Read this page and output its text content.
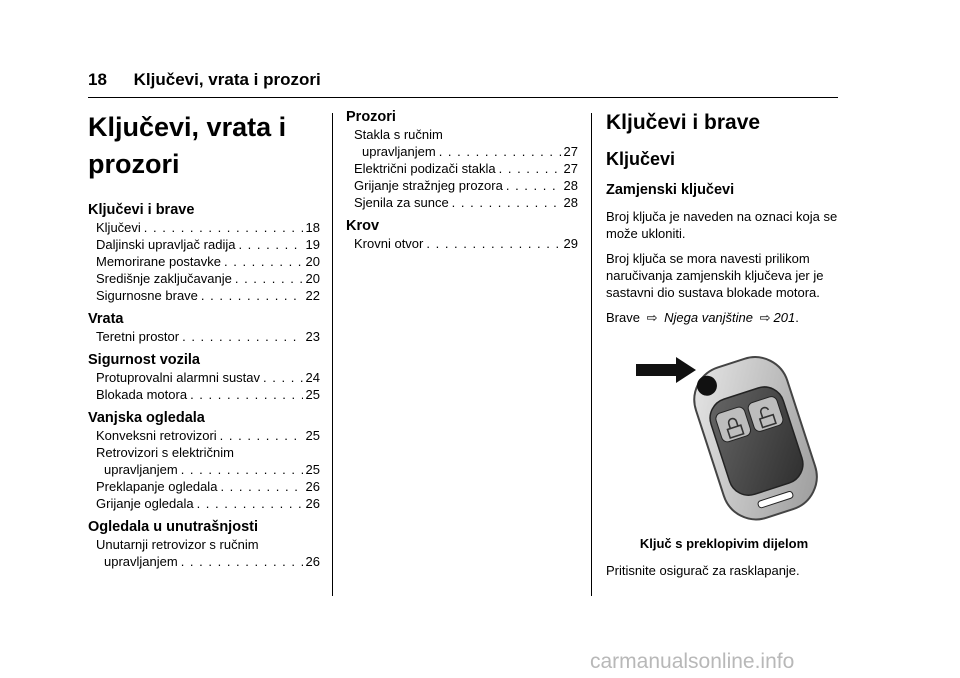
18 Ključevi, vrata i prozori
Ključevi, vrata i
prozori
Ključevi i brave
Ključevi . . .	18
Daljinski upravljač radija . . .	19
Memorirane postavke . . .	20
Središnje zaključavanje . . .	20
Sigurnosne brave . . .	22
Vrata
Teretni prostor . . .	23
Sigurnost vozila
Protuprovalni alarmni sustav . . .	24
Blokada motora . . .	25
Vanjska ogledala
Konveksni retrovizori . . .	25
Retrovizori s električnim
upravljanjem . . .	25
Preklapanje ogledala . . .	26
Grijanje ogledala . . .	26
Ogledala u unutrašnjosti
Unutarnji retrovizor s ručnim
upravljanjem . . .	26
Prozori
Stakla s ručnim
upravljanjem . . .	27
Električni podizači stakla . . .	27
Grijanje stražnjeg prozora . . .	28
Sjenila za sunce . . .	28
Krov
Krovni otvor . . .	29
Ključevi i brave
Ključevi
Zamjenski ključevi

Broj ključa je naveden na oznaci koja se može ukloniti.

Broj ključa se mora navesti prilikom naručivanja zamjenskih ključeva jer je sastavni dio sustava blokade motora.

Brave ⇨ Njega vanjštine ⇨ 201.

Ključ s preklopivim dijelom

Pritisnite osigurač za rasklapanje.

carmanualsonline.info
